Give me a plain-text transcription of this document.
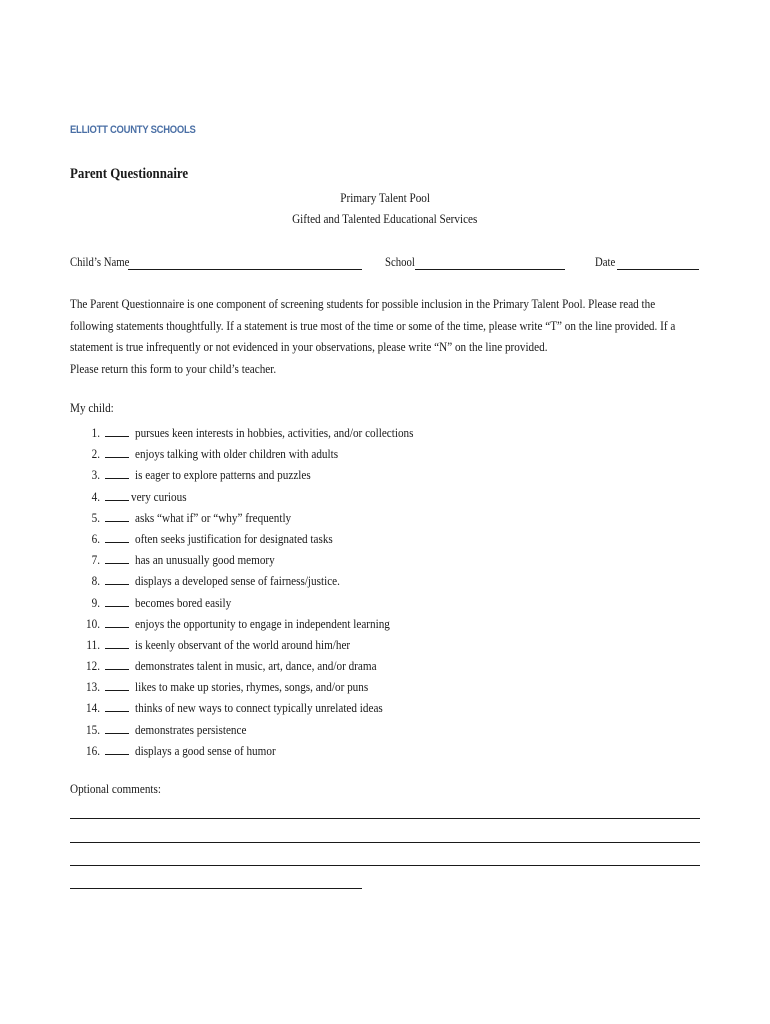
ELLIOTT COUNTY SCHOOLS
Parent Questionnaire
Primary Talent Pool
Gifted and Talented Educational Services
Child’s Name	School	Date

The Parent Questionnaire is one component of screening students for possible inclusion in the Primary Talent Pool. Please read the following statements thoughtfully. If a statement is true most of the time or some of the time, please write “T” on the line provided. If a statement is true infrequently or not evidenced in your observations, please write “N” on the line provided.

Please return this form to your child’s teacher.

My child:
1.	pursues keen interests in hobbies, activities, and/or collections
2.	enjoys talking with older children with adults
3.	is eager to explore patterns and puzzles
4. very curious
5.	asks “what if” or “why” frequently
6.	often seeks justification for designated tasks
7.	has an unusually good memory
8.	displays a developed sense of fairness/justice.
9.	becomes bored easily
10.	enjoys the opportunity to engage in independent learning
11.	is keenly observant of the world around him/her
12.	demonstrates talent in music, art, dance, and/or drama
13.	likes to make up stories, rhymes, songs, and/or puns
14.	thinks of new ways to connect typically unrelated ideas
15.	demonstrates persistence
16.	displays a good sense of humor
Optional comments:
